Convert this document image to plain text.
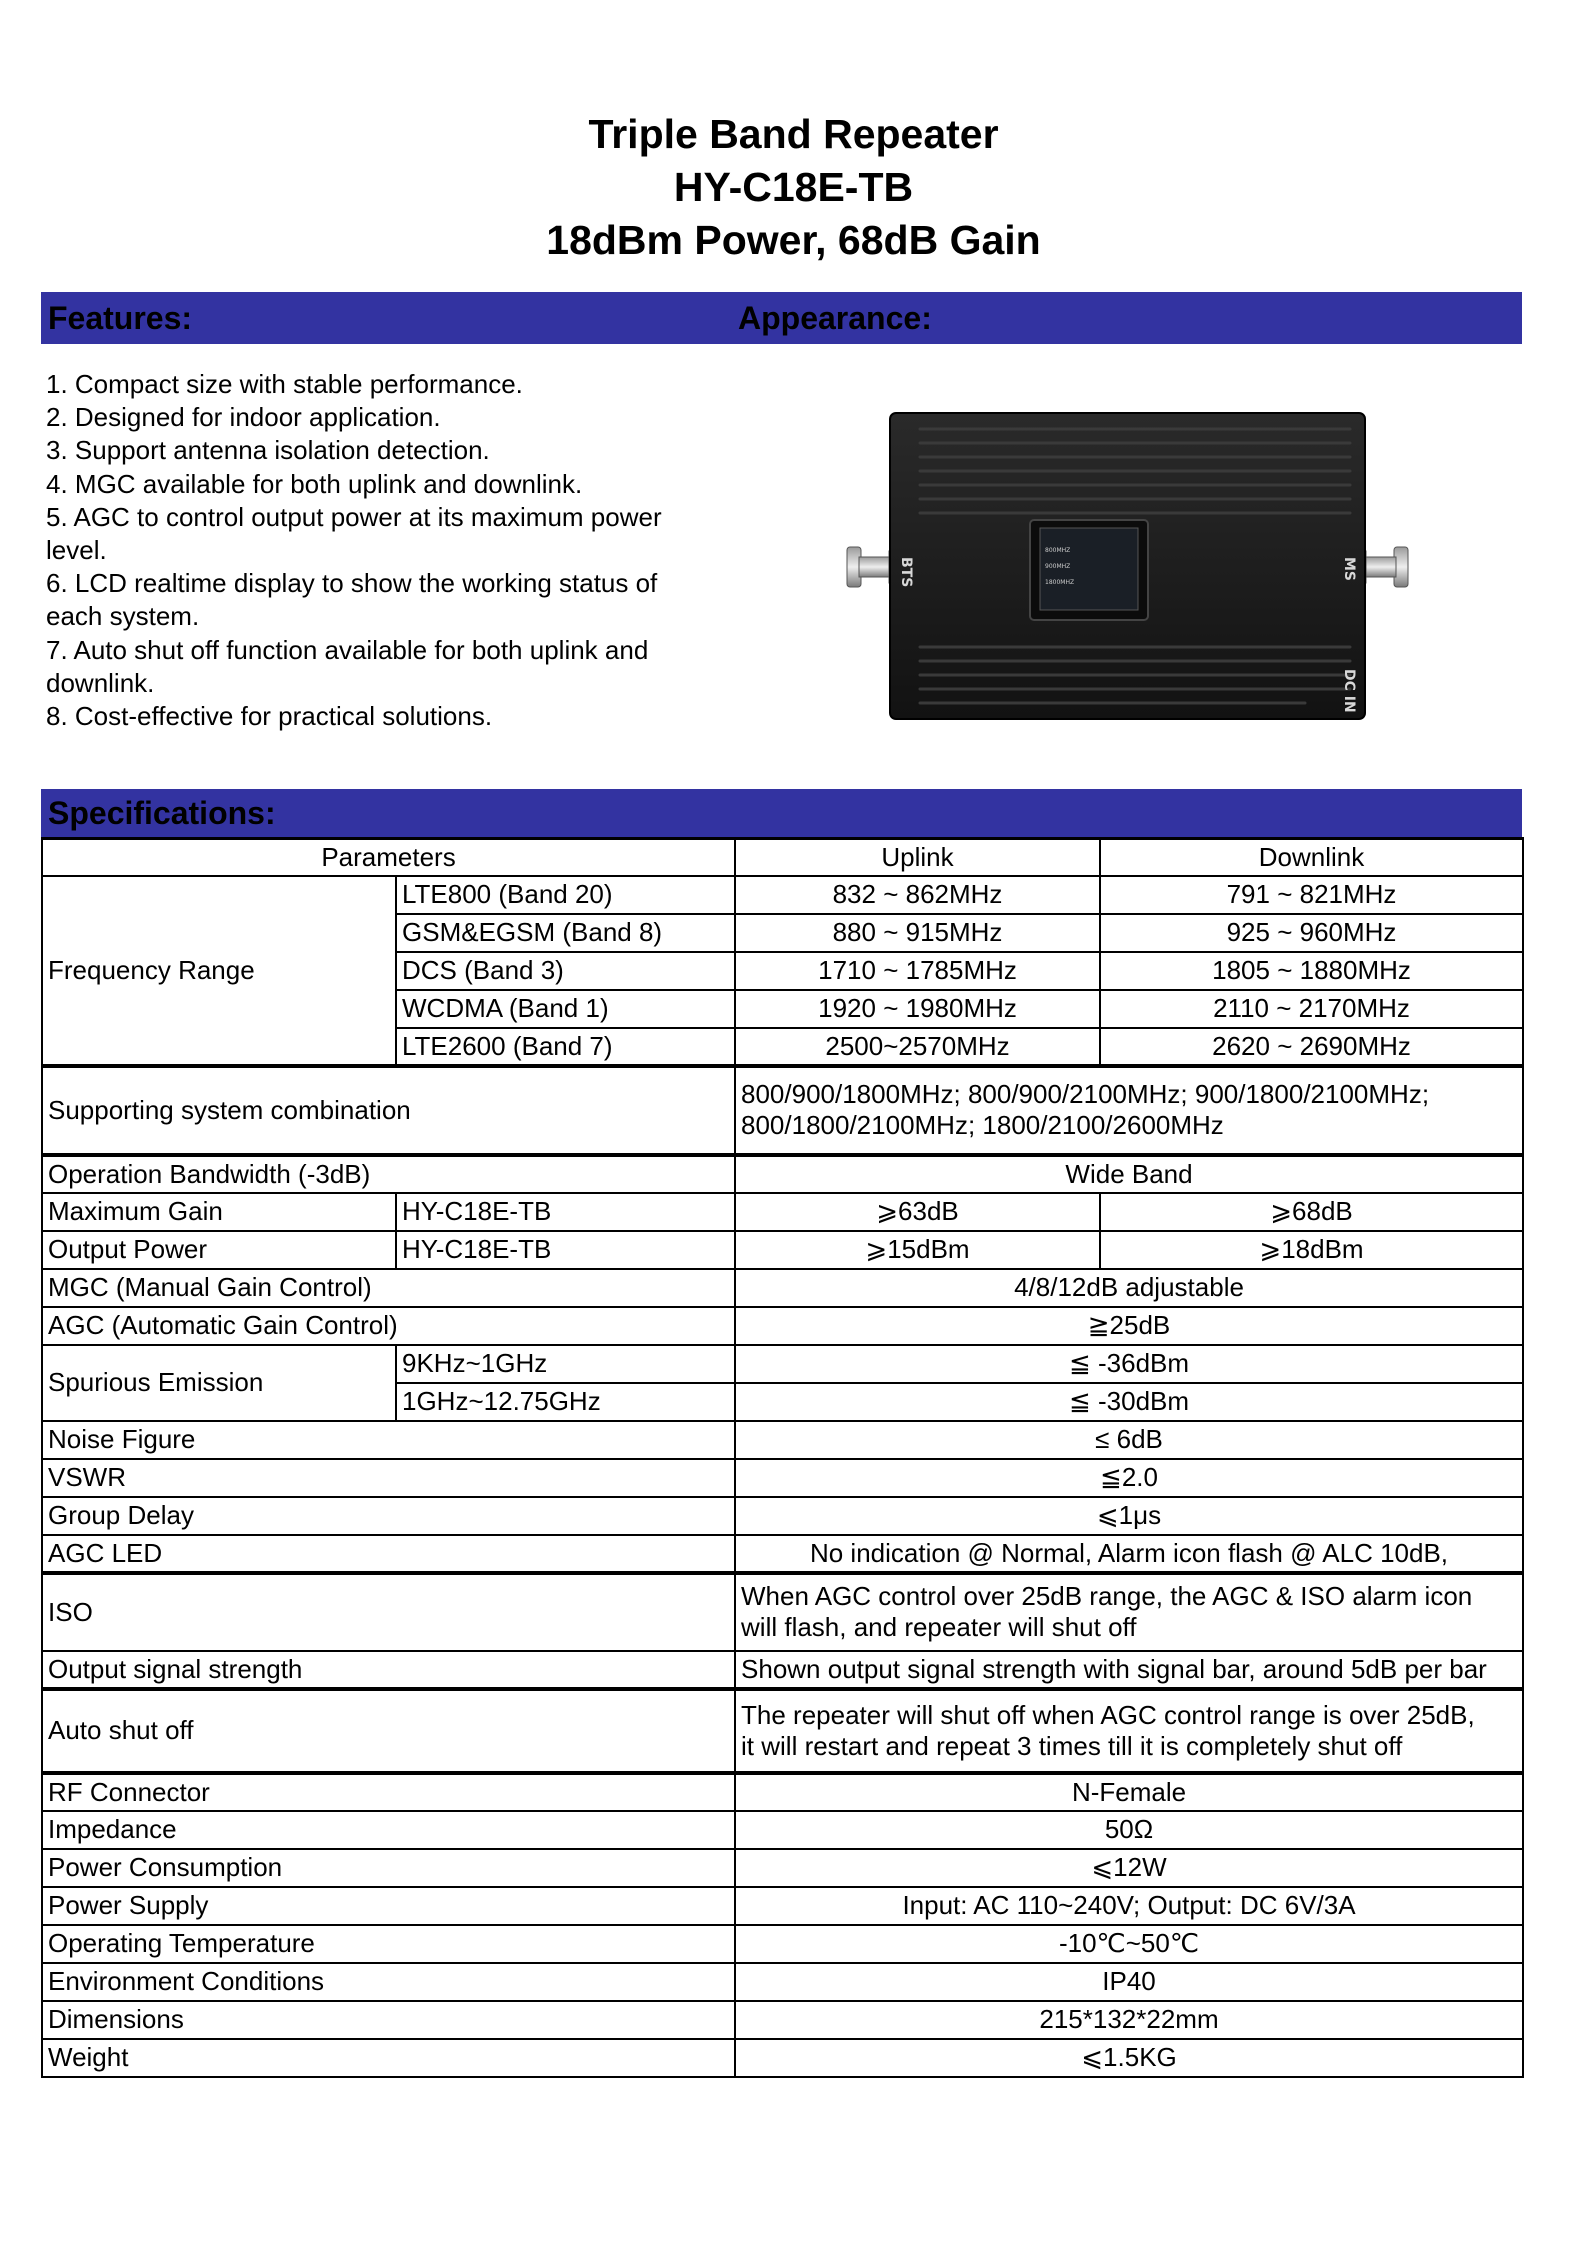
Triple Band Repeater
HY-C18E-TB
18dBm Power, 68dB Gain
Features:	Appearance:
1. Compact size with stable performance.
2. Designed for indoor application.
3. Support antenna isolation detection.
4. MGC available for both uplink and downlink.
5. AGC to control output power at its maximum power level.
6. LCD realtime display to show the working status of each system.
7. Auto shut off function available for both uplink and downlink.
8. Cost-effective for practical solutions.
800MHZ
900MHZ
1800MHZ
BTS	MS
DC IN
Specifications:
Parameters		Uplink	Downlink
Frequency Range	LTE800 (Band 20)	832 ~ 862MHz	791 ~ 821MHz
	GSM&EGSM (Band 8)	880 ~ 915MHz	925 ~ 960MHz
	DCS (Band 3)	1710 ~ 1785MHz	1805 ~ 1880MHz
	WCDMA (Band 1)	1920 ~ 1980MHz	2110 ~ 2170MHz
	LTE2600 (Band 7)	2500~2570MHz	2620 ~ 2690MHz
Supporting system combination		800/900/1800MHz; 800/900/2100MHz; 900/1800/2100MHz;
800/1800/2100MHz; 1800/2100/2600MHz	

Operation Bandwidth (-3dB)		Wide Band	
Maximum Gain	HY-C18E-TB	⩾63dB	⩾68dB
Output Power	HY-C18E-TB	⩾15dBm	⩾18dBm
MGC (Manual Gain Control)		4/8/12dB adjustable	
AGC (Automatic Gain Control)		≧25dB	
Spurious Emission	9KHz~1GHz	≦ -36dBm	
	1GHz~12.75GHz	≦ -30dBm	
Noise Figure		≤ 6dB	
VSWR		≦2.0	
Group Delay		⩽1μs	
AGC LED		No indication @ Normal, Alarm icon flash @ ALC 10dB,	
ISO		When AGC control over 25dB range, the AGC & ISO alarm icon
will flash, and repeater will shut off	

Output signal strength		Shown output signal strength with signal bar, around 5dB per bar	
Auto shut off		The repeater will shut off when AGC control range is over 25dB,
it will restart and repeat 3 times till it is completely shut off	

RF Connector		N-Female	
Impedance		50Ω	
Power Consumption		⩽12W	
Power Supply		Input: AC 110~240V; Output: DC 6V/3A	
Operating Temperature		-10℃~50℃	
Environment Conditions		IP40	
Dimensions		215*132*22mm	
Weight		⩽1.5KG	
